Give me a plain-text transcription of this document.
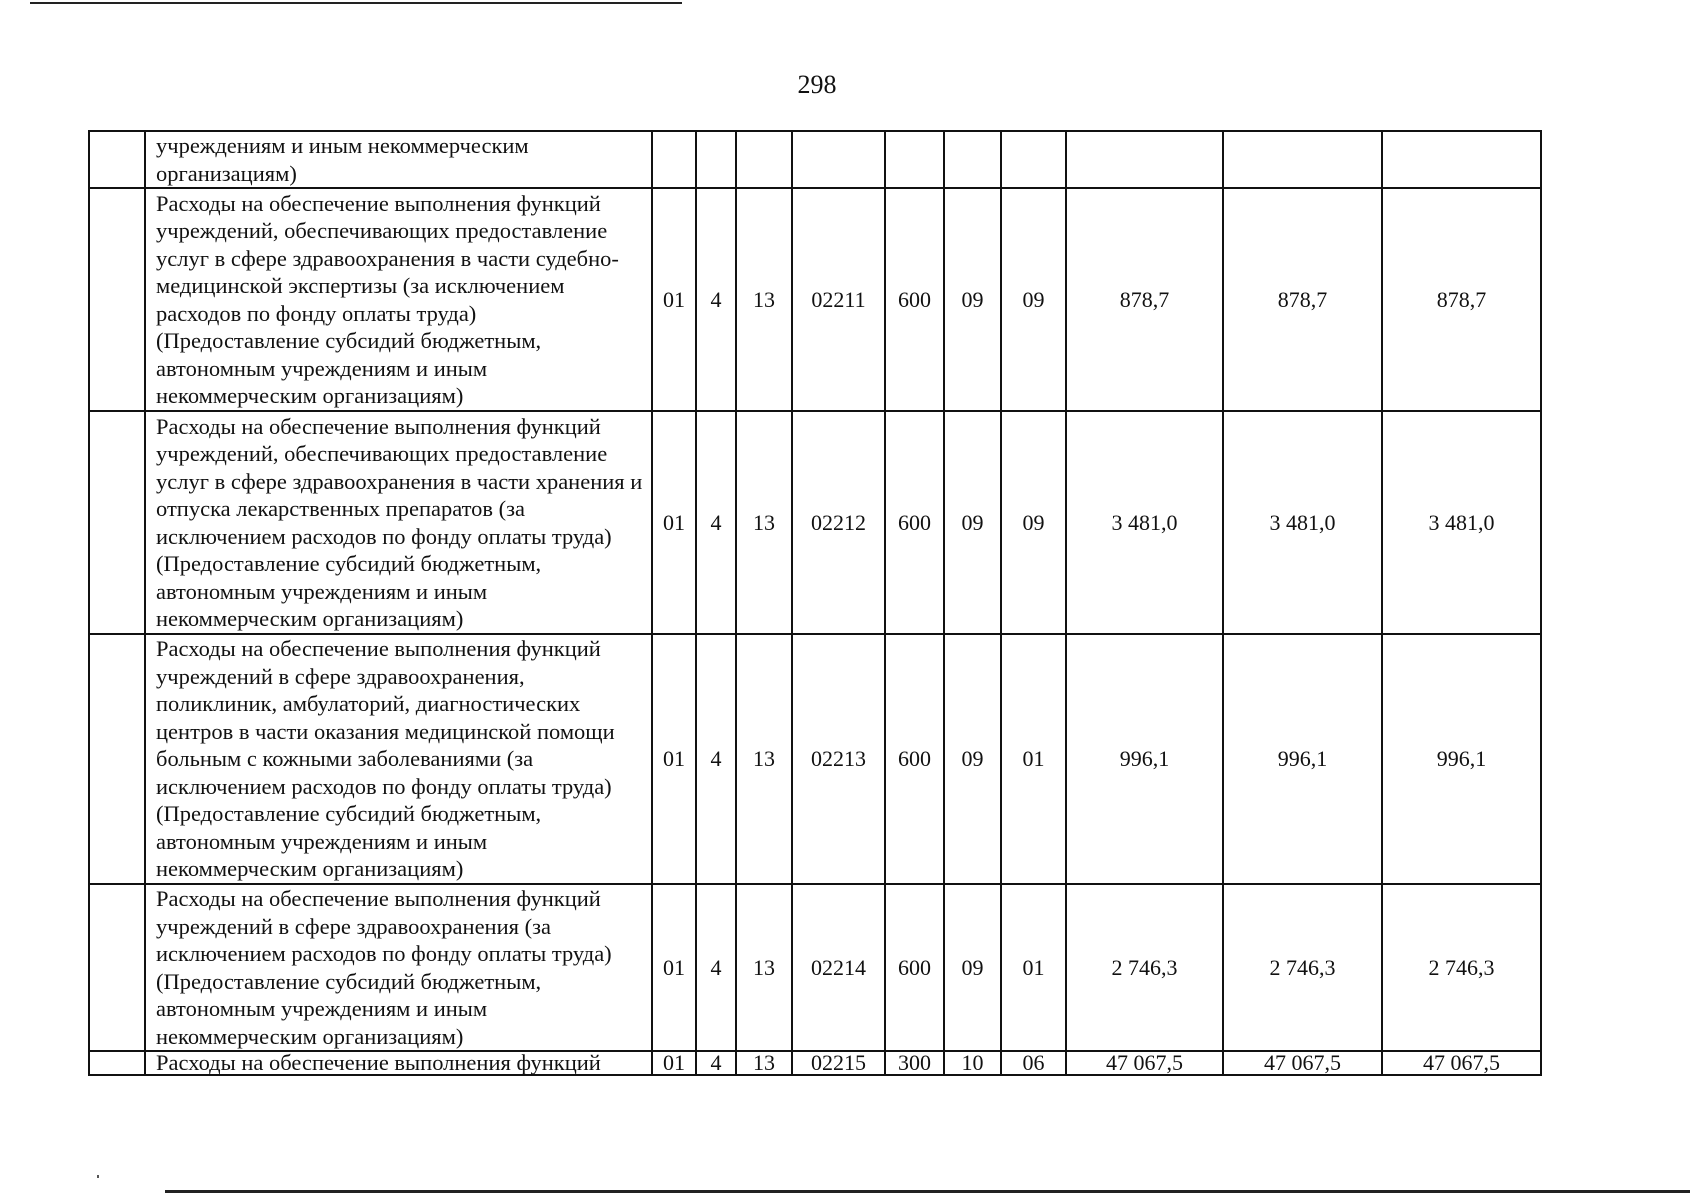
298
	учреждениям и иным некоммерческим организациям)										
	Расходы на обеспечение выполнения функций учреждений, обеспечивающих предоставление услуг в сфере здравоохранения в части судебно-медицинской экспертизы (за исключением расходов по фонду оплаты труда) (Предоставление субсидий бюджетным, автономным учреждениям и иным некоммерческим организациям)	01	4	13	02211	600	09	09	878,7	878,7	878,7
	Расходы на обеспечение выполнения функций учреждений, обеспечивающих предоставление услуг в сфере здравоохранения в части хранения и отпуска лекарственных препаратов (за исключением расходов по фонду оплаты труда) (Предоставление субсидий бюджетным, автономным учреждениям и иным некоммерческим организациям)	01	4	13	02212	600	09	09	3 481,0	3 481,0	3 481,0
	Расходы на обеспечение выполнения функций учреждений в сфере здравоохранения, поликлиник, амбулаторий, диагностических центров в части оказания медицинской помощи больным с кожными заболеваниями (за исключением расходов по фонду оплаты труда) (Предоставление субсидий бюджетным, автономным учреждениям и иным некоммерческим организациям)	01	4	13	02213	600	09	01	996,1	996,1	996,1
	Расходы на обеспечение выполнения функций учреждений в сфере здравоохранения (за исключением расходов по фонду оплаты труда) (Предоставление субсидий бюджетным, автономным учреждениям и иным некоммерческим организациям)	01	4	13	02214	600	09	01	2 746,3	2 746,3	2 746,3
	Расходы на обеспечение выполнения функций	01	4	13	02215	300	10	06	47 067,5	47 067,5	47 067,5
